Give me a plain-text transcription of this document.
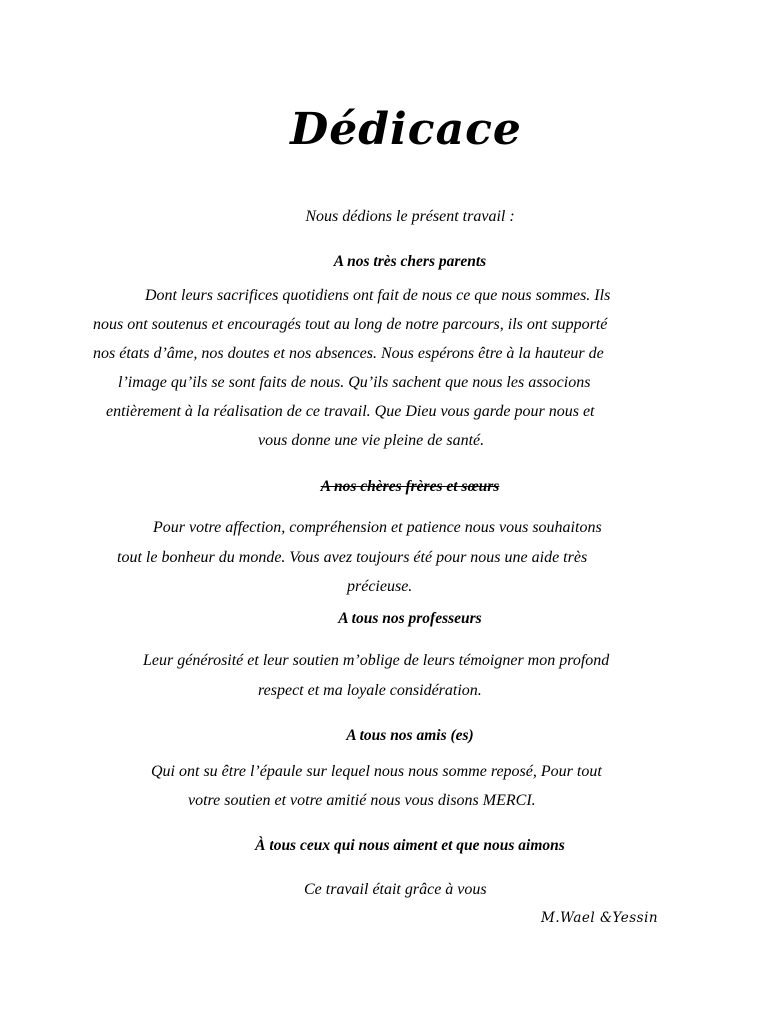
Dédicace
Nous dédions le présent travail :
A nos très chers parents
Dont leurs sacrifices quotidiens ont fait de nous ce que nous sommes. Ils
nous ont soutenus et encouragés tout au long de notre parcours, ils ont supporté
nos états d’âme, nos doutes et nos absences. Nous espérons être à la hauteur de
l’image qu’ils se sont faits de nous. Qu’ils sachent que nous les associons
entièrement à la réalisation de ce travail. Que Dieu vous garde pour nous et
vous donne une vie pleine de santé.
A nos chères frères et sœurs
Pour votre affection, compréhension et patience nous vous souhaitons
tout le bonheur du monde. Vous avez toujours été pour nous une aide très
précieuse.
A tous nos professeurs
Leur générosité et leur soutien m’oblige de leurs témoigner mon profond
respect et ma loyale considération.
A tous nos amis (es)
Qui ont su être l’épaule sur lequel nous nous somme reposé, Pour tout
votre soutien et votre amitié nous vous disons MERCI.
À tous ceux qui nous aiment et que nous aimons
Ce travail était grâce à vous
M.Wael &Yessin
